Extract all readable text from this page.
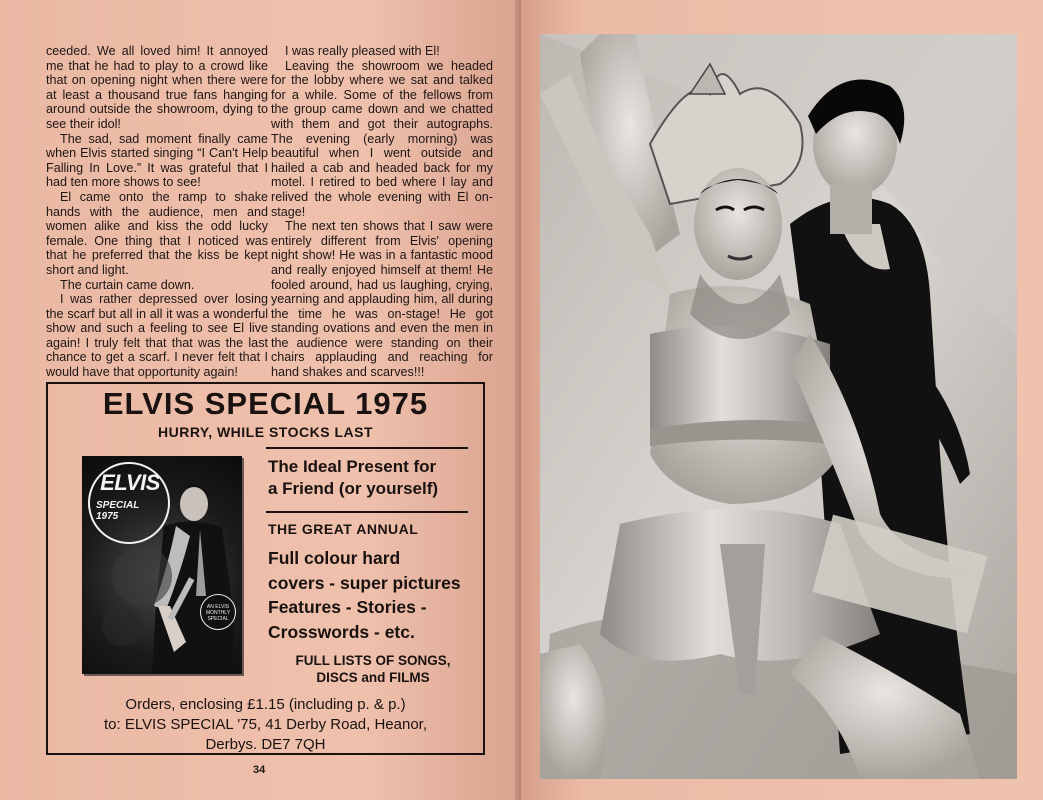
ceeded. We all loved him! It annoyed me that he had to play to a crowd like that on opening night when there were at least a thousand true fans hanging around outside the showroom, dying to see their idol!

The sad, sad moment finally came when Elvis started singing “I Can't Help Falling In Love.” It was grateful that I had ten more shows to see!

El came onto the ramp to shake hands with the audience, men and women alike and kiss the odd lucky female. One thing that I noticed was that he preferred that the kiss be kept short and light.

The curtain came down.

I was rather depressed over losing the scarf but all in all it was a wonderful show and such a feeling to see El live again! I truly felt that that was the last chance to get a scarf. I never felt that I would have that opportunity again!

I was really pleased with El!

Leaving the showroom we headed for the lobby where we sat and talked for a while. Some of the fellows from the group came down and we chatted with them and got their autographs. The evening (early morning) was beautiful when I went outside and hailed a cab and headed back for my motel. I retired to bed where I lay and relived the whole evening with El on-stage!

The next ten shows that I saw were entirely different from Elvis' opening night show! He was in a fantastic mood and really enjoyed himself at them! He fooled around, had us laughing, crying, yearning and applauding him, all during the time he was on-stage! He got standing ovations and even the men in the audience were standing on their chairs applauding and reaching for hand shakes and scarves!!!

ELVIS SPECIAL 1975
HURRY, WHILE STOCKS LAST
ELVIS
SPECIAL
1975
AN ELVIS MONTHLY SPECIAL
The Ideal Present for
a Friend (or yourself)
THE GREAT ANNUAL
Full colour hard
covers - super pictures
Features - Stories -
Crosswords - etc.
FULL LISTS OF SONGS,
DISCS and FILMS
Orders, enclosing £1.15 (including p. & p.)
to: ELVIS SPECIAL '75, 41 Derby Road, Heanor,
Derbys. DE7 7QH
34
